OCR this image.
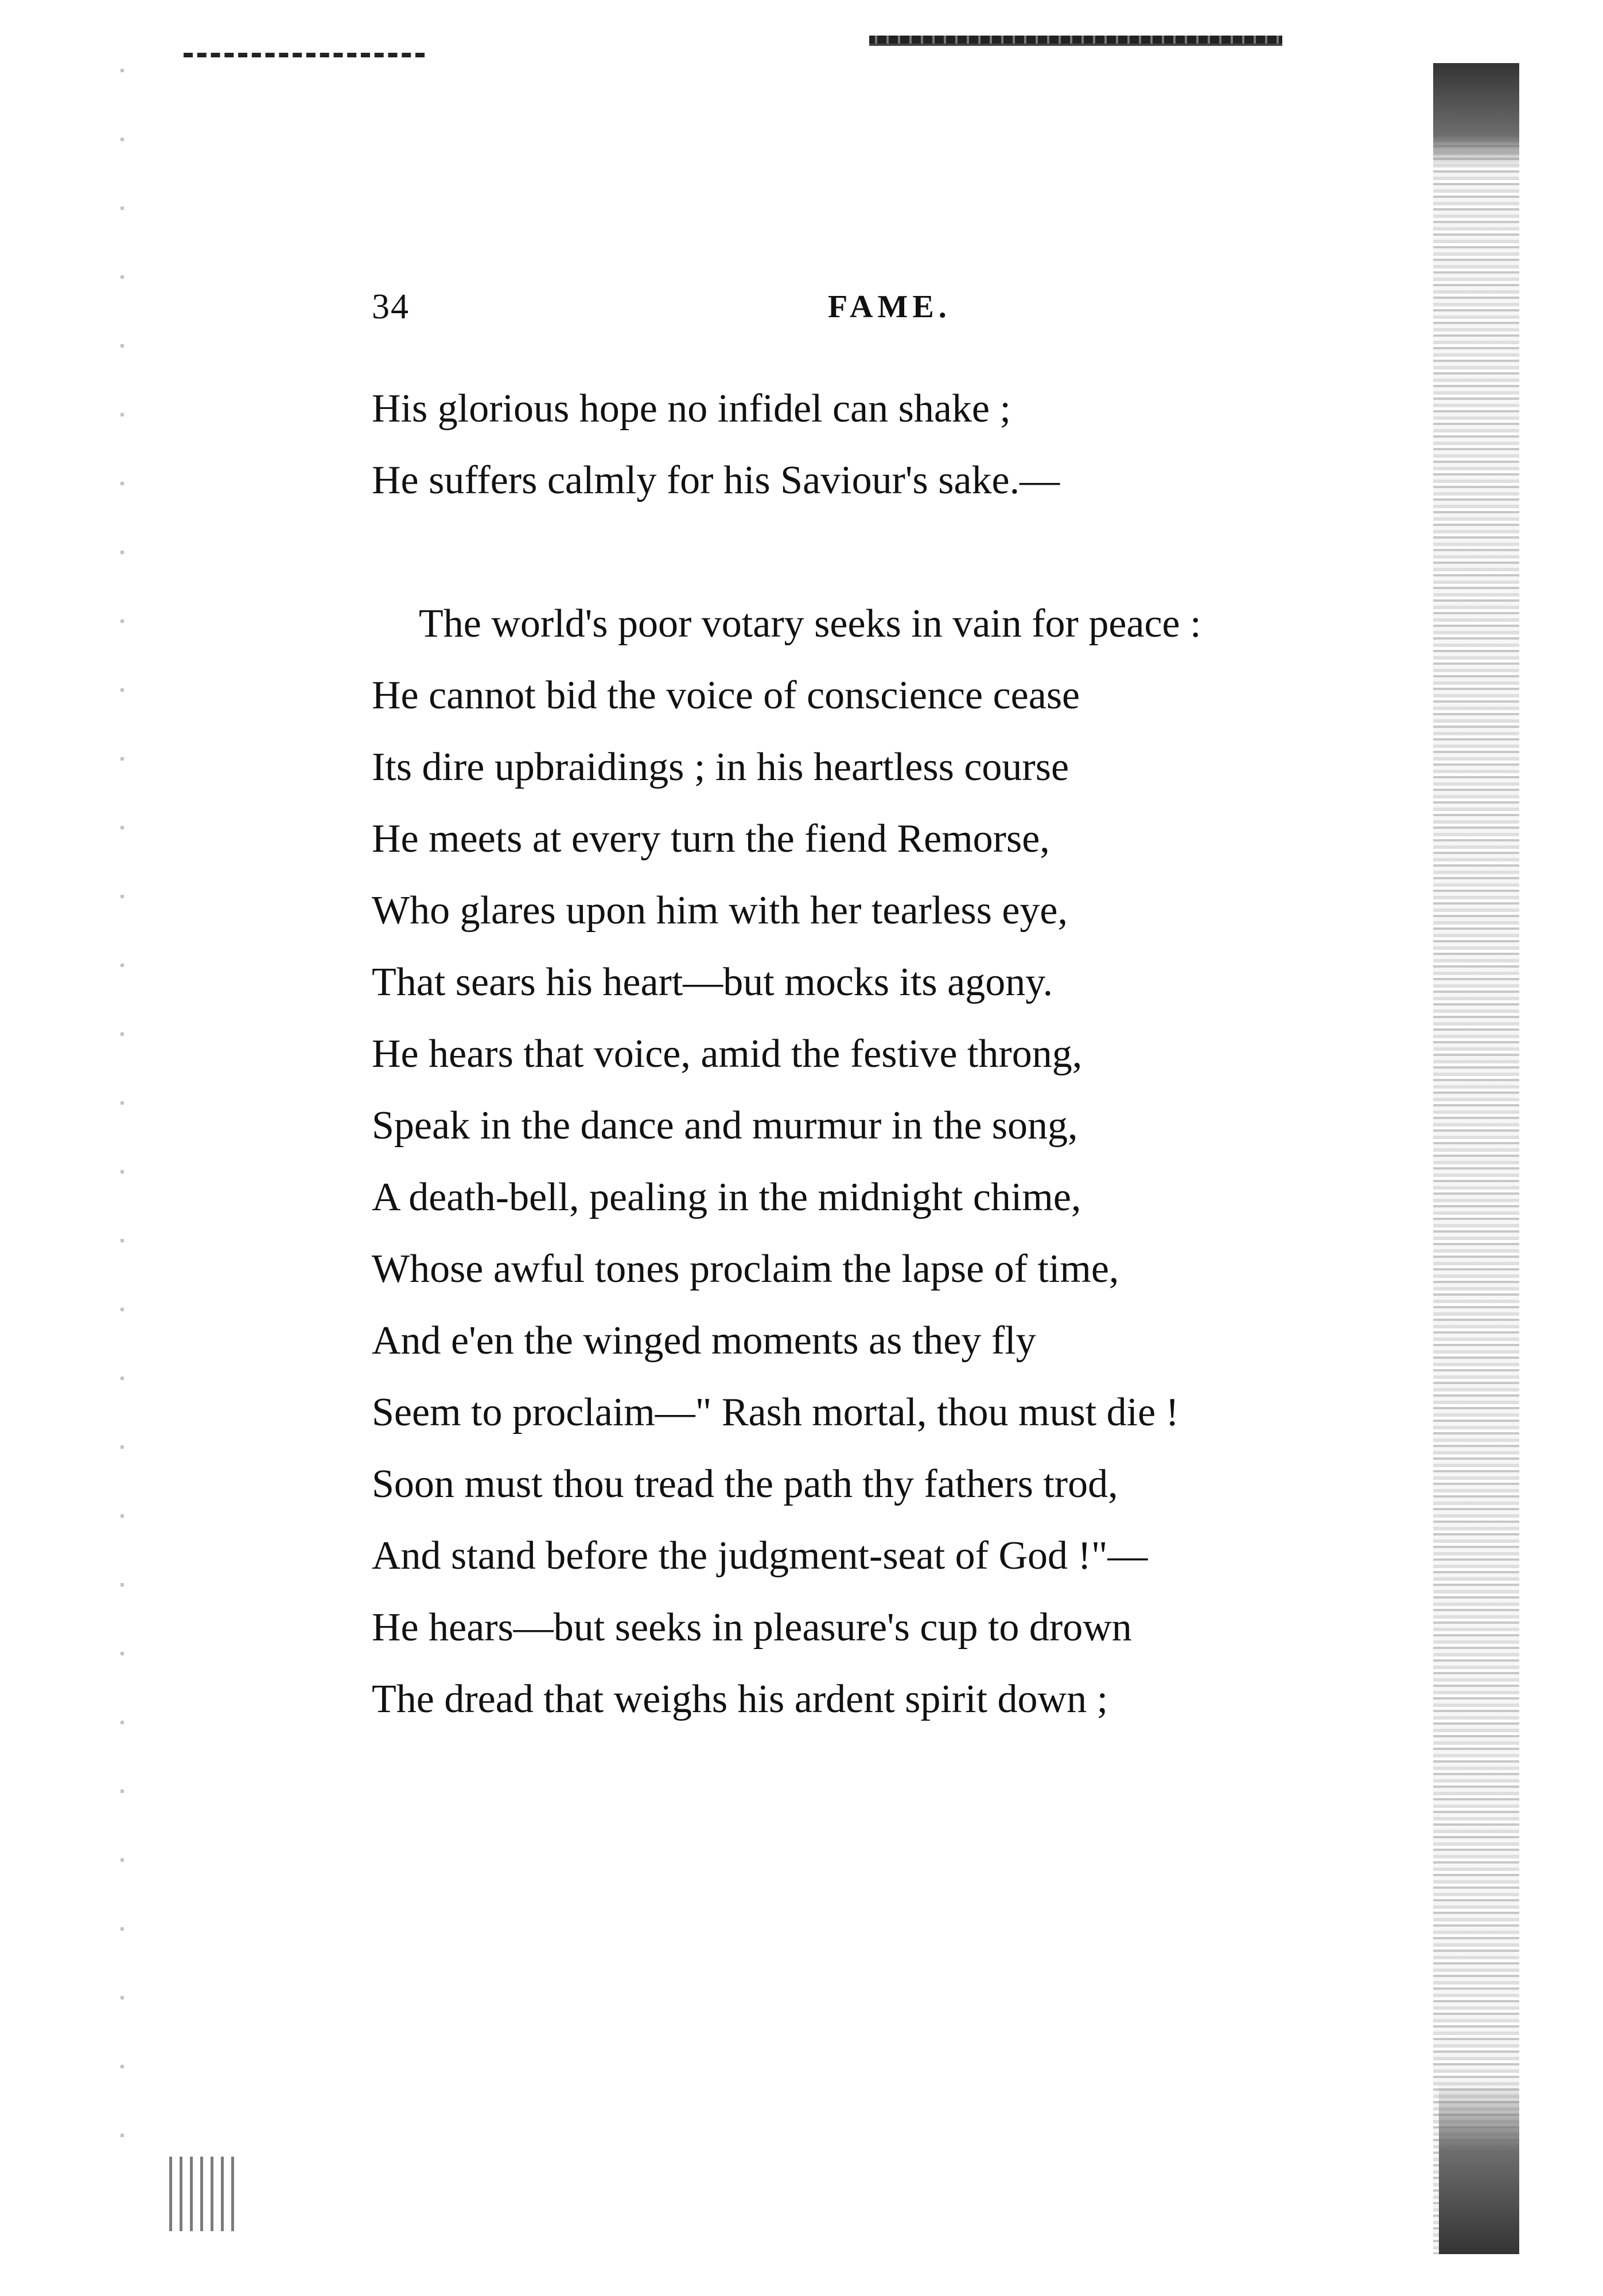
34	FAME.
His glorious hope no infidel can shake ;
He suffers calmly for his Saviour's sake.—
The world's poor votary seeks in vain for peace :
He cannot bid the voice of conscience cease
Its dire upbraidings ; in his heartless course
He meets at every turn the fiend Remorse,
Who glares upon him with her tearless eye,
That sears his heart—but mocks its agony.
He hears that voice, amid the festive throng,
Speak in the dance and murmur in the song,
A death-bell, pealing in the midnight chime,
Whose awful tones proclaim the lapse of time,
And e'en the winged moments as they fly
Seem to proclaim—" Rash mortal, thou must die !
Soon must thou tread the path thy fathers trod,
And stand before the judgment-seat of God !"—
He hears—but seeks in pleasure's cup to drown
The dread that weighs his ardent spirit down ;
